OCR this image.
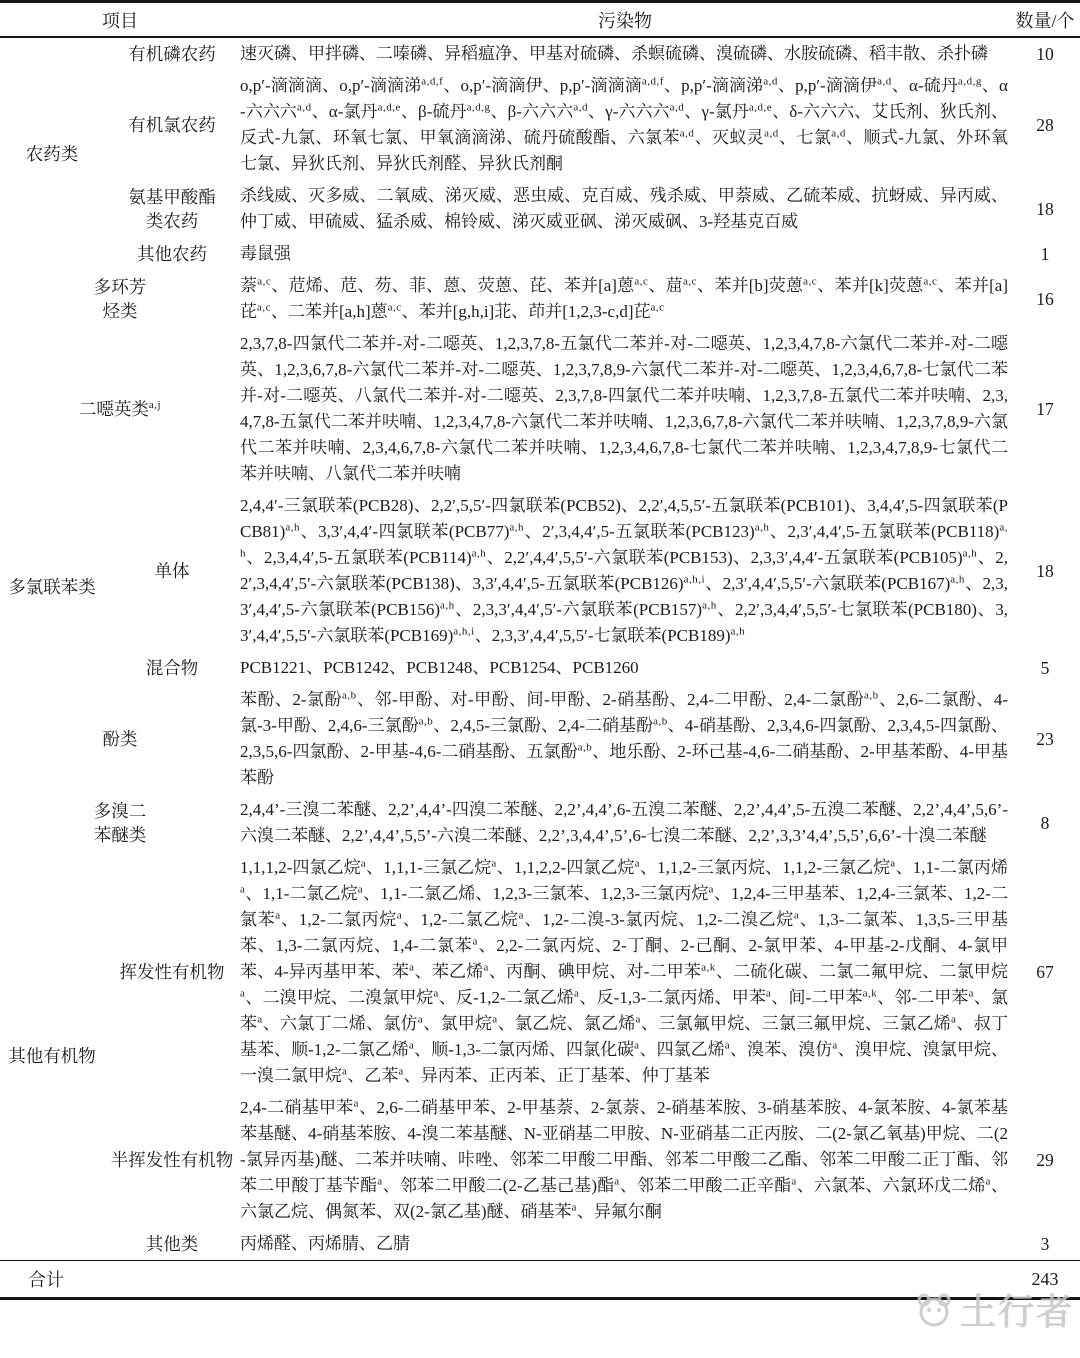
项目		污染物	数量/个
农药类	有机磷农药	速灭磷、甲拌磷、二嗪磷、异稻瘟净、甲基对硫磷、杀螟硫磷、溴硫磷、水胺硫磷、稻丰散、杀扑磷	10
	有机氯农药	o,p′-滴滴滴、o,p′-滴滴涕$^{a,d,f}$、o,p′-滴滴伊、p,p′-滴滴滴$^{a,d,f}$、p,p′-滴滴涕$^{a,d}$、p,p′-滴滴伊$^{a,d}$、α-硫丹$^{a,d,g}$、α-六六六$^{a,d}$、α-氯丹$^{a,d,e}$、β-硫丹$^{a,d,g}$、β-六六六$^{a,d}$、γ-六六六$^{a,d}$、γ-氯丹$^{a,d,e}$、δ-六六六、艾氏剂、狄氏剂、反式-九氯、环氧七氯、甲氧滴滴涕、硫丹硫酸酯、六氯苯$^{a,d}$、灭蚁灵$^{a,d}$、七氯$^{a,d}$、顺式-九氯、外环氧七氯、异狄氏剂、异狄氏剂醛、异狄氏剂酮	28
	氨基甲酸酯
类农药	杀线威、灭多威、二氧威、涕灭威、恶虫威、克百威、残杀威、甲萘威、乙硫苯威、抗蚜威、异丙威、仲丁威、甲硫威、猛杀威、棉铃威、涕灭威亚砜、涕灭威砜、3-羟基克百威	18
	其他农药	毒鼠强	1
多环芳
烃类		萘$^{a,c}$、苊烯、苊、芴、菲、蒽、荧蒽、芘、苯并[a]蒽$^{a,c}$、䓛$^{a,c}$、苯并[b]荧蒽$^{a,c}$、苯并[k]荧蒽$^{a,c}$、苯并[a]芘$^{a,c}$、二苯并[a,h]蒽$^{a,c}$、苯并[g,h,i]苝、茚并[1,2,3-c,d]芘$^{a,c}$	16
二噁英类$^{a,j}$		2,3,7,8-四氯代二苯并-对-二噁英、1,2,3,7,8-五氯代二苯并-对-二噁英、1,2,3,4,7,8-六氯代二苯并-对-二噁英、1,2,3,6,7,8-六氯代二苯并-对-二噁英、1,2,3,7,8,9-六氯代二苯并-对-二噁英、1,2,3,4,6,7,8-七氯代二苯并-对-二噁英、八氯代二苯并-对-二噁英、2,3,7,8-四氯代二苯并呋喃、1,2,3,7,8-五氯代二苯并呋喃、2,3,4,7,8-五氯代二苯并呋喃、1,2,3,4,7,8-六氯代二苯并呋喃、1,2,3,6,7,8-六氯代二苯并呋喃、1,2,3,7,8,9-六氯代二苯并呋喃、2,3,4,6,7,8-六氯代二苯并呋喃、1,2,3,4,6,7,8-七氯代二苯并呋喃、1,2,3,4,7,8,9-七氯代二苯并呋喃、八氯代二苯并呋喃	17
多氯联苯类	单体	2,4,4′-三氯联苯(PCB28)、2,2′,5,5′-四氯联苯(PCB52)、2,2′,4,5,5′-五氯联苯(PCB101)、3,4,4′,5-四氯联苯$(PCB81)^{a,h}$、3,3′,4,4′-四氯联苯$(PCB77)^{a,h}$、2′,3,4,4′,5-五氯联苯$(PCB123)^{a,h}$、2,3′,4,4′,5-五氯联苯$(PCB118)^{a,h}$、2,3,4,4′,5-五氯联苯$(PCB114)^{a,h}$、2,2′,4,4′,5,5′-六氯联苯(PCB153)、2,3,3′,4,4′-五氯联苯$(PCB105)^{a,h}$、2,2′,3,4,4′,5′-六氯联苯(PCB138)、3,3′,4,4′,5-五氯联苯$(PCB126)^{a,h,i}$、2,3′,4,4′,5,5′-六氯联苯$(PCB167)^{a,h}$、2,3,3′,4,4′,5-六氯联苯$(PCB156)^{a,h}$、2,3,3′,4,4′,5′-六氯联苯$(PCB157)^{a,h}$、2,2′,3,4,4′,5,5′-七氯联苯(PCB180)、3,3′,4,4′,5,5′-六氯联苯$(PCB169)^{a,h,i}$、2,3,3′,4,4′,5,5′-七氯联苯$(PCB189)^{a,h}$	18
	混合物	PCB1221、PCB1242、PCB1248、PCB1254、PCB1260	5
酚类		苯酚、2-氯酚$^{a,b}$、邻-甲酚、对-甲酚、间-甲酚、2-硝基酚、2,4-二甲酚、2,4-二氯酚$^{a,b}$、2,6-二氯酚、4-氯-3-甲酚、2,4,6-三氯酚$^{a,b}$、2,4,5-三氯酚、2,4-二硝基酚$^{a,b}$、4-硝基酚、2,3,4,6-四氯酚、2,3,4,5-四氯酚、2,3,5,6-四氯酚、2-甲基-4,6-二硝基酚、五氯酚$^{a,b}$、地乐酚、2-环己基-4,6-二硝基酚、2-甲基苯酚、4-甲基苯酚	23
多溴二
苯醚类		2,4,4’-三溴二苯醚、2,2’,4,4’-四溴二苯醚、2,2’,4,4’,6-五溴二苯醚、2,2’,4,4’,5-五溴二苯醚、2,2’,4,4’,5,6’-六溴二苯醚、2,2’,4,4’,5,5’-六溴二苯醚、2,2’,3,4,4’,5’,6-七溴二苯醚、2,2’,3,3’4,4’,5,5’,6,6’-十溴二苯醚	8
其他有机物	挥发性有机物	1,1,1,2-四氯乙烷$^a$、1,1,1-三氯乙烷$^a$、1,1,2,2-四氯乙烷$^a$、1,1,2-三氯丙烷、1,1,2-三氯乙烷$^a$、1,1-二氯丙烯$^a$、1,1-二氯乙烷$^a$、1,1-二氯乙烯、1,2,3-三氯苯、1,2,3-三氯丙烷$^a$、1,2,4-三甲基苯、1,2,4-三氯苯、1,2-二氯苯$^a$、1,2-二氯丙烷$^a$、1,2-二氯乙烷$^a$、1,2-二溴-3-氯丙烷、1,2-二溴乙烷$^a$、1,3-二氯苯、1,3,5-三甲基苯、1,3-二氯丙烷、1,4-二氯苯$^a$、2,2-二氯丙烷、2-丁酮、2-己酮、2-氯甲苯、4-甲基-2-戊酮、4-氯甲苯、4-异丙基甲苯、苯$^a$、苯乙烯$^a$、丙酮、碘甲烷、对-二甲苯$^{a,k}$、二硫化碳、二氯二氟甲烷、二氯甲烷$^a$、二溴甲烷、二溴氯甲烷$^a$、反-1,2-二氯乙烯$^a$、反-1,3-二氯丙烯、甲苯$^a$、间-二甲苯$^{a,k}$、邻-二甲苯$^a$、氯苯$^a$、六氯丁二烯、氯仿$^a$、氯甲烷$^a$、氯乙烷、氯乙烯$^a$、三氯氟甲烷、三氯三氟甲烷、三氯乙烯$^a$、叔丁基苯、顺-1,2-二氯乙烯$^a$、顺-1,3-二氯丙烯、四氯化碳$^a$、四氯乙烯$^a$、溴苯、溴仿$^a$、溴甲烷、溴氯甲烷、一溴二氯甲烷$^a$、乙苯$^a$、异丙苯、正丙苯、正丁基苯、仲丁基苯	67
	半挥发性有机物	2,4-二硝基甲苯$^a$、2,6-二硝基甲苯、2-甲基萘、2-氯萘、2-硝基苯胺、3-硝基苯胺、4-氯苯胺、4-氯苯基苯基醚、4-硝基苯胺、4-溴二苯基醚、N-亚硝基二甲胺、N-亚硝基二正丙胺、二(2-氯乙氧基)甲烷、二(2-氯异丙基)醚、二苯并呋喃、咔唑、邻苯二甲酸二甲酯、邻苯二甲酸二乙酯、邻苯二甲酸二正丁酯、邻苯二甲酸丁基苄酯$^a$、邻苯二甲酸二(2-乙基己基)酯$^a$、邻苯二甲酸二正辛酯$^a$、六氯苯、六氯环戊二烯$^a$、六氯乙烷、偶氮苯、双(2-氯乙基)醚、硝基苯$^a$、异氟尔酮	29
	其他类	丙烯醛、丙烯腈、乙腈	3
合计			243
土行者
